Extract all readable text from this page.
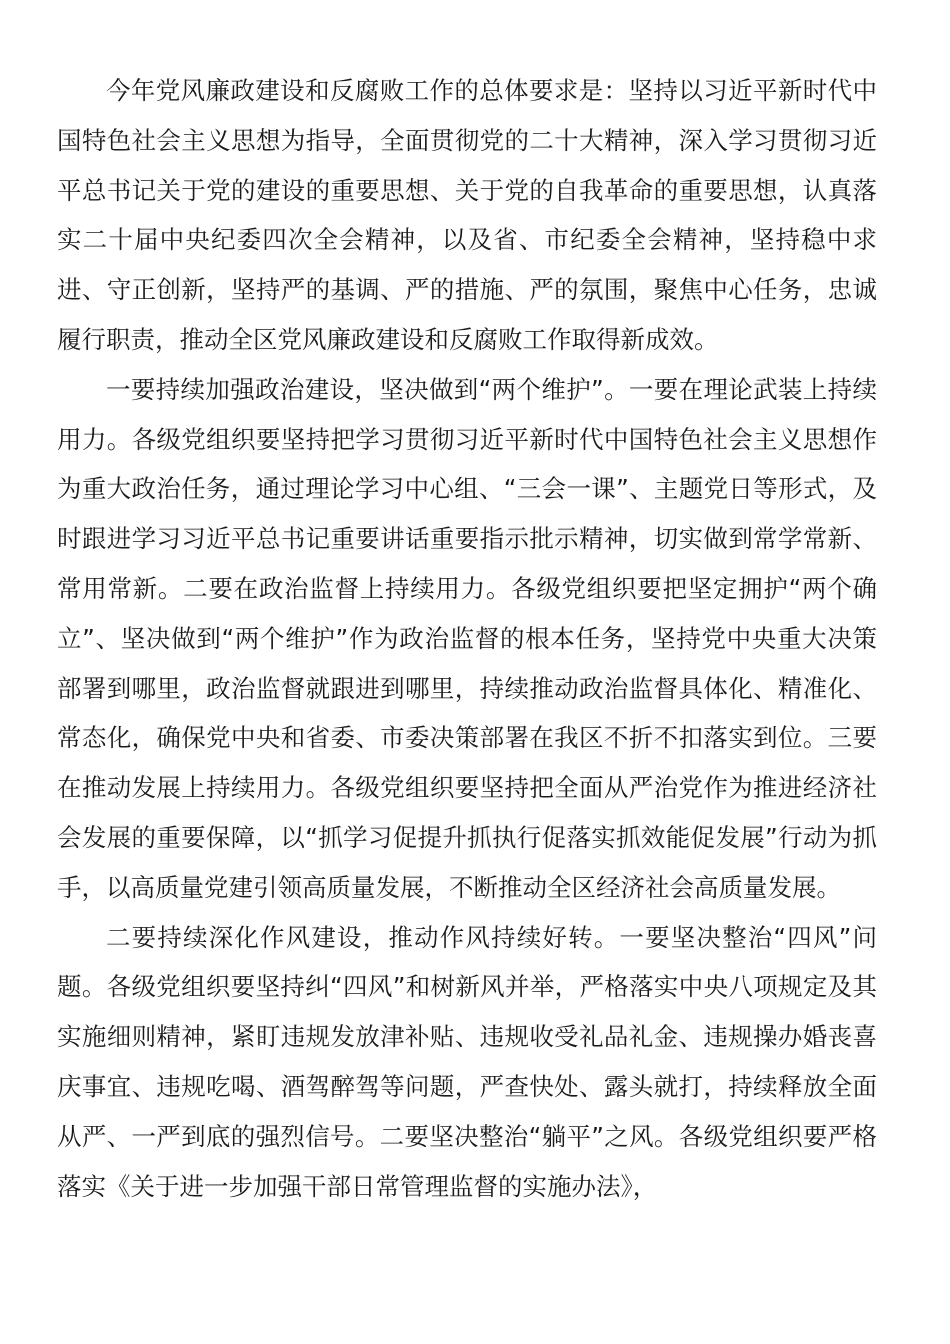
今年党风廉政建设和反腐败工作的总体要求是：坚持以习近平新时代中国特色社会主义思想为指导，全面贯彻党的二十大精神，深入学习贯彻习近平总书记关于党的建设的重要思想、关于党的自我革命的重要思想，认真落实二十届中央纪委四次全会精神，以及省、市纪委全会精神，坚持稳中求进、守正创新，坚持严的基调、严的措施、严的氛围，聚焦中心任务，忠诚履行职责，推动全区党风廉政建设和反腐败工作取得新成效。

一要持续加强政治建设，坚决做到“两个维护”。一要在理论武装上持续用力。各级党组织要坚持把学习贯彻习近平新时代中国特色社会主义思想作为重大政治任务，通过理论学习中心组、“三会一课”、主题党日等形式，及时跟进学习习近平总书记重要讲话重要指示批示精神，切实做到常学常新、常用常新。二要在政治监督上持续用力。各级党组织要把坚定拥护“两个确立”、坚决做到“两个维护”作为政治监督的根本任务，坚持党中央重大决策部署到哪里，政治监督就跟进到哪里，持续推动政治监督具体化、精准化、常态化，确保党中央和省委、市委决策部署在我区不折不扣落实到位。三要在推动发展上持续用力。各级党组织要坚持把全面从严治党作为推进经济社会发展的重要保障，以“抓学习促提升抓执行促落实抓效能促发展”行动为抓手，以高质量党建引领高质量发展，不断推动全区经济社会高质量发展。

二要持续深化作风建设，推动作风持续好转。一要坚决整治“四风”问题。各级党组织要坚持纠“四风”和树新风并举，严格落实中央八项规定及其实施细则精神，紧盯违规发放津补贴、违规收受礼品礼金、违规操办婚丧喜庆事宜、违规吃喝、酒驾醉驾等问题，严查快处、露头就打，持续释放全面从严、一严到底的强烈信号。二要坚决整治“躺平”之风。各级党组织要严格落实《关于进一步加强干部日常管理监督的实施办法》，
